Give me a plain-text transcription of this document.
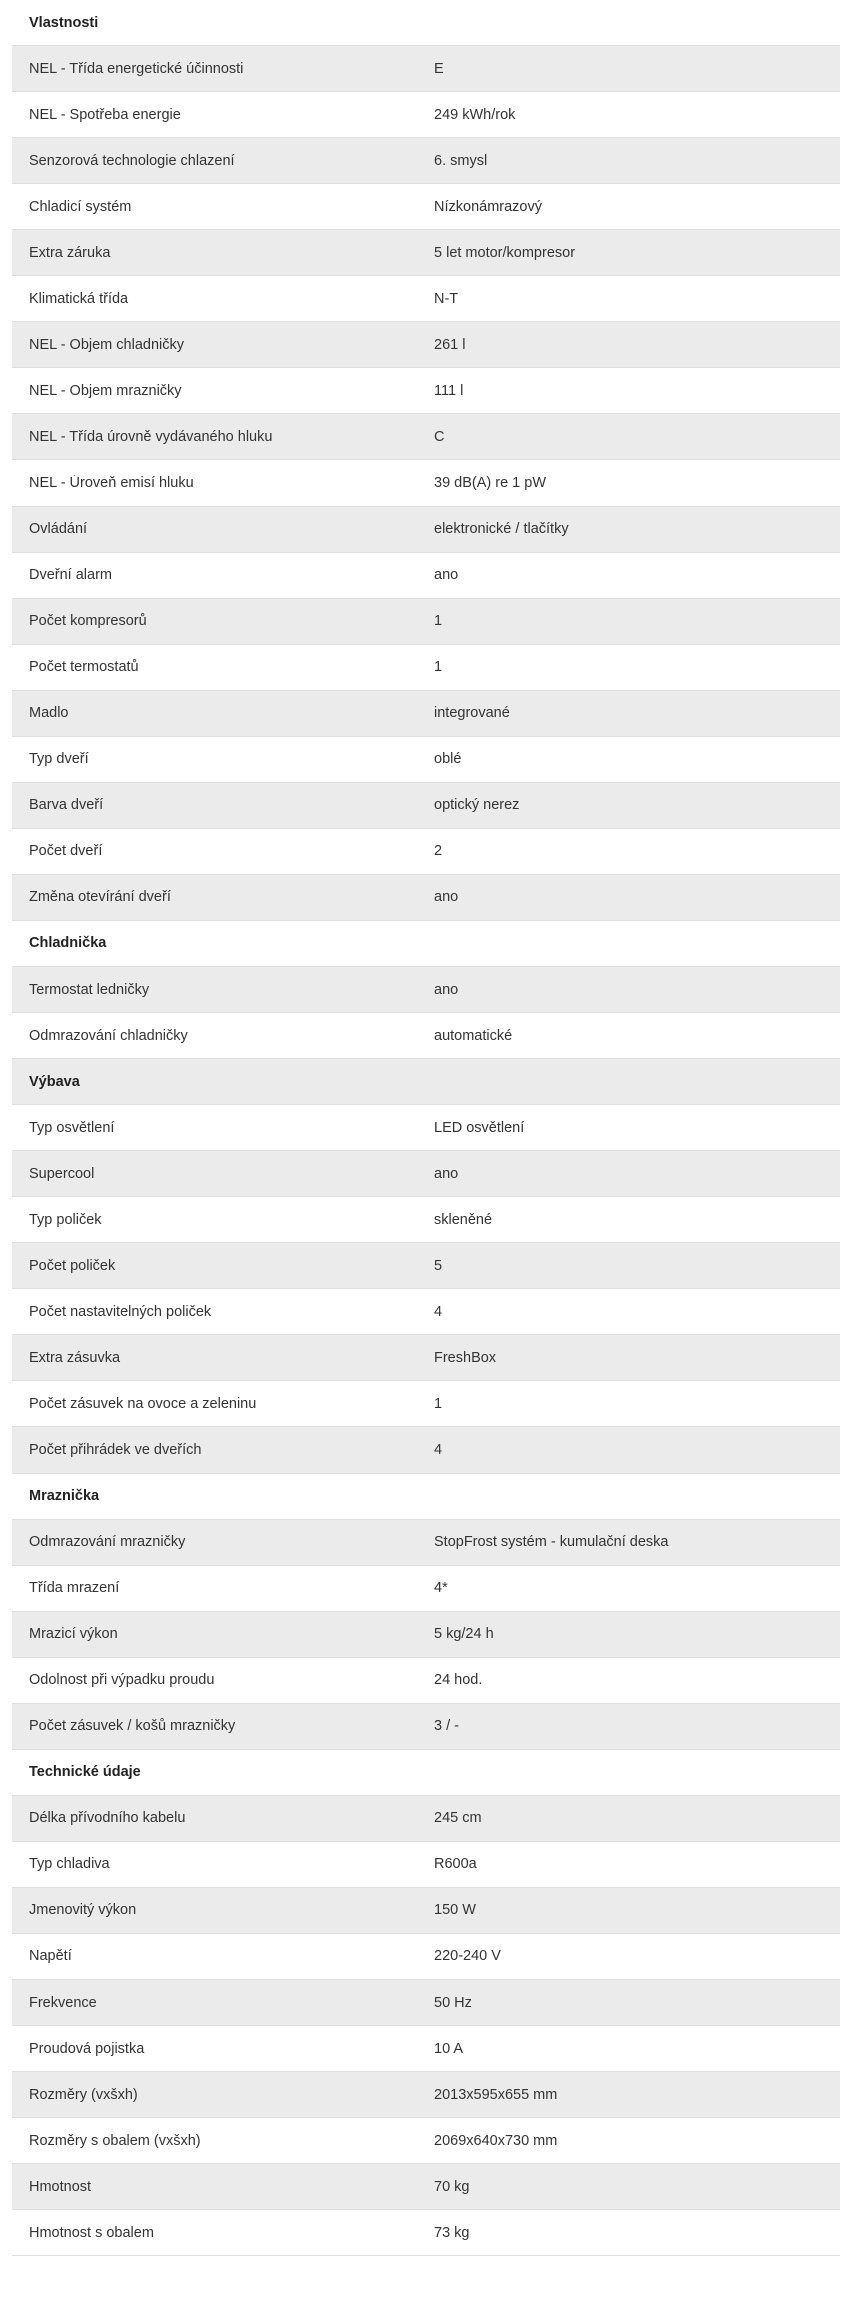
Vlastnosti
NEL - Třída energetické účinnosti	E
NEL - Spotřeba energie	249 kWh/rok
Senzorová technologie chlazení	6. smysl
Chladicí systém	Nízkonámrazový
Extra záruka	5 let motor/kompresor
Klimatická třída	N-T
NEL - Objem chladničky	261 l
NEL - Objem mrazničky	111 l
NEL - Třída úrovně vydávaného hluku	C
NEL - Úroveň emisí hluku	39 dB(A) re 1 pW
Ovládání	elektronické / tlačítky
Dveřní alarm	ano
Počet kompresorů	1
Počet termostatů	1
Madlo	integrované
Typ dveří	oblé
Barva dveří	optický nerez
Počet dveří	2
Změna otevírání dveří	ano
Chladnička
Termostat ledničky	ano
Odmrazování chladničky	automatické
Výbava
Typ osvětlení	LED osvětlení
Supercool	ano
Typ poliček	skleněné
Počet poliček	5
Počet nastavitelných poliček	4
Extra zásuvka	FreshBox
Počet zásuvek na ovoce a zeleninu	1
Počet přihrádek ve dveřích	4
Mraznička
Odmrazování mrazničky	StopFrost systém - kumulační deska
Třída mrazení	4*
Mrazicí výkon	5 kg/24 h
Odolnost při výpadku proudu	24 hod.
Počet zásuvek / košů mrazničky	3 / -
Technické údaje
Délka přívodního kabelu	245 cm
Typ chladiva	R600a
Jmenovitý výkon	150 W
Napětí	220-240 V
Frekvence	50 Hz
Proudová pojistka	10 A
Rozměry (vxšxh)	2013x595x655 mm
Rozměry s obalem (vxšxh)	2069x640x730 mm
Hmotnost	70 kg
Hmotnost s obalem	73 kg
